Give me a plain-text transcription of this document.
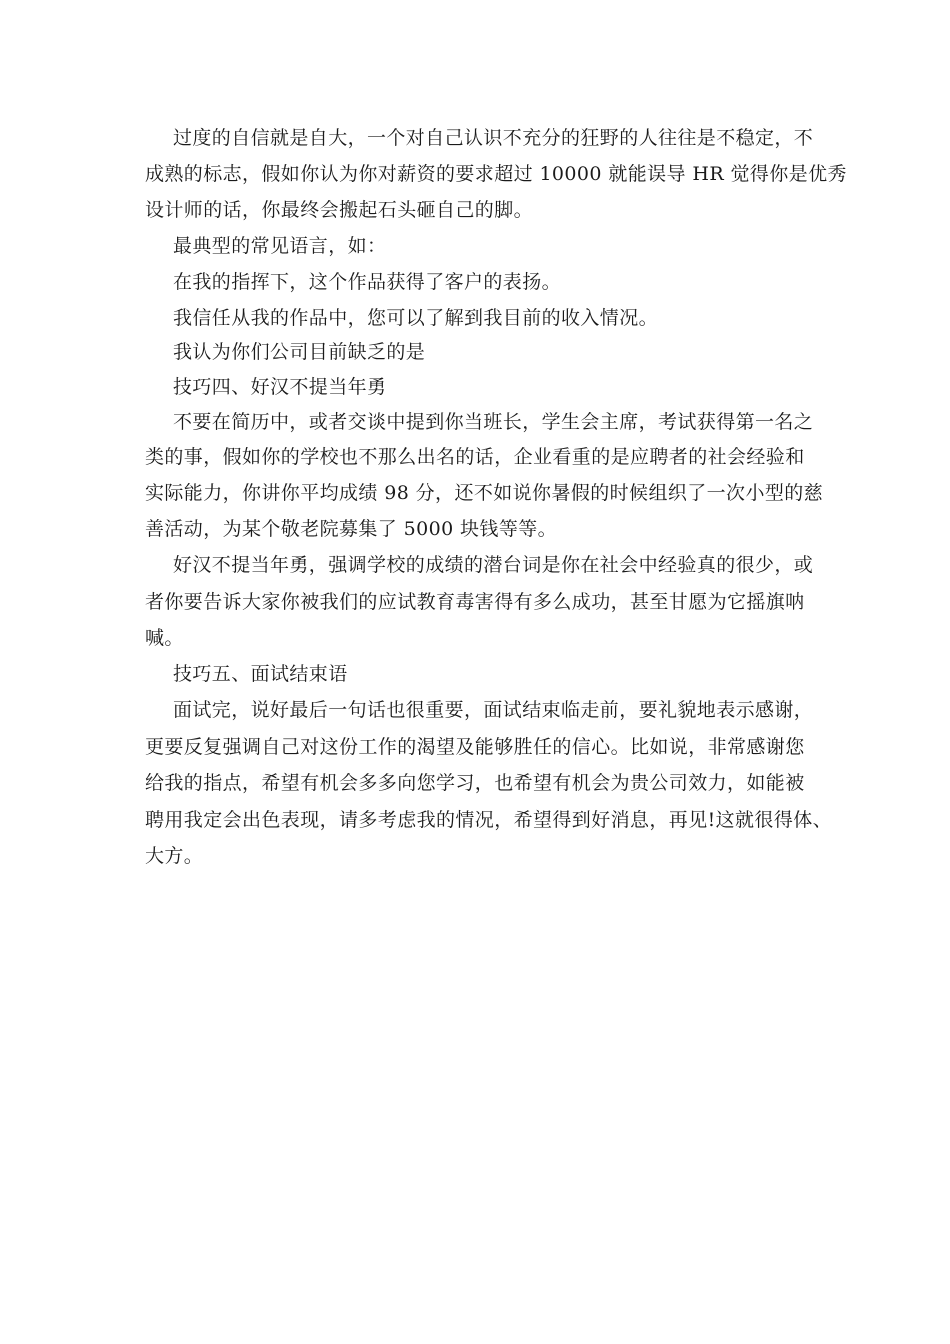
过度的自信就是自大，一个对自己认识不充分的狂野的人往往是不稳定，不
成熟的标志，假如你认为你对薪资的要求超过 10000 就能误导 HR 觉得你是优秀
设计师的话，你最终会搬起石头砸自己的脚。
最典型的常见语言，如：
在我的指挥下，这个作品获得了客户的表扬。
我信任从我的作品中，您可以了解到我目前的收入情况。
我认为你们公司目前缺乏的是
技巧四、好汉不提当年勇
不要在简历中，或者交谈中提到你当班长，学生会主席，考试获得第一名之
类的事，假如你的学校也不那么出名的话，企业看重的是应聘者的社会经验和
实际能力，你讲你平均成绩 98 分，还不如说你暑假的时候组织了一次小型的慈
善活动，为某个敬老院募集了 5000 块钱等等。
好汉不提当年勇，强调学校的成绩的潜台词是你在社会中经验真的很少，或
者你要告诉大家你被我们的应试教育毒害得有多么成功，甚至甘愿为它摇旗呐
喊。
技巧五、面试结束语
面试完，说好最后一句话也很重要，面试结束临走前，要礼貌地表示感谢，
更要反复强调自己对这份工作的渴望及能够胜任的信心。比如说，非常感谢您
给我的指点，希望有机会多多向您学习，也希望有机会为贵公司效力，如能被
聘用我定会出色表现，请多考虑我的情况，希望得到好消息，再见!这就很得体、
大方。
